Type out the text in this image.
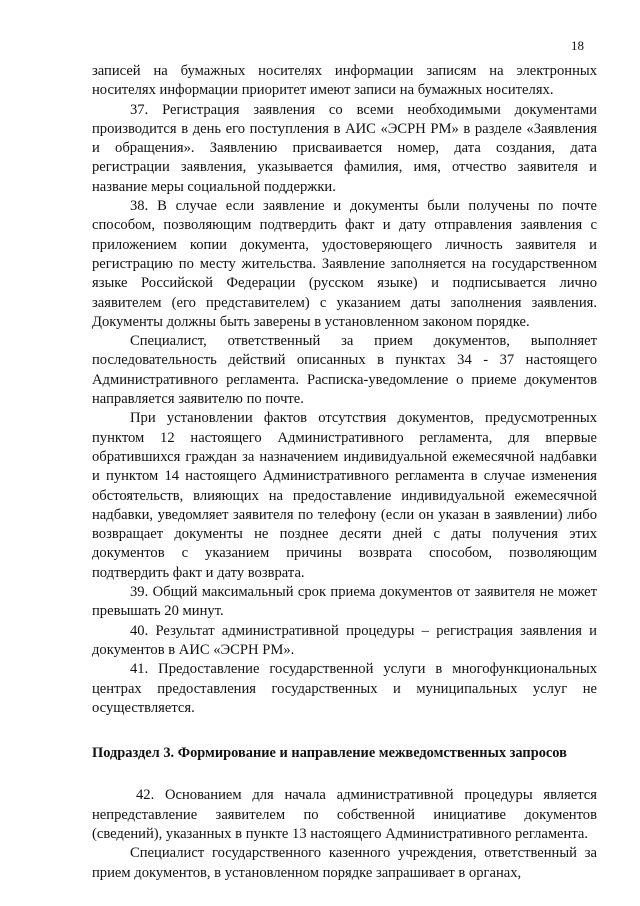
18

записей на бумажных носителях информации записям на электронных носителях информации приоритет имеют записи на бумажных носителях.

37. Регистрация заявления со всеми необходимыми документами производится в день его поступления в АИС «ЭСРН РМ» в разделе «Заявления и обращения». Заявлению присваивается номер, дата создания, дата регистрации заявления, указывается фамилия, имя, отчество заявителя и название меры социальной поддержки.

38. В случае если заявление и документы были получены по почте способом, позволяющим подтвердить факт и дату отправления заявления с приложением копии документа, удостоверяющего личность заявителя и регистрацию по месту жительства. Заявление заполняется на государственном языке Российской Федерации (русском языке) и подписывается лично заявителем (его представителем) с указанием даты заполнения заявления. Документы должны быть заверены в установленном законом порядке.

Специалист, ответственный за прием документов, выполняет последовательность действий описанных в пунктах 34 - 37 настоящего Административного регламента. Расписка-уведомление о приеме документов направляется заявителю по почте.

При установлении фактов отсутствия документов, предусмотренных пунктом 12 настоящего Административного регламента, для впервые обратившихся граждан за назначением индивидуальной ежемесячной надбавки и пунктом 14 настоящего Административного регламента в случае изменения обстоятельств, влияющих на предоставление индивидуальной ежемесячной надбавки, уведомляет заявителя по телефону (если он указан в заявлении) либо возвращает документы не позднее десяти дней с даты получения этих документов с указанием причины возврата способом, позволяющим подтвердить факт и дату возврата.

39. Общий максимальный срок приема документов от заявителя не может превышать 20 минут.

40. Результат административной процедуры – регистрация заявления и документов в АИС «ЭСРН РМ».

41. Предоставление государственной услуги в многофункциональных центрах предоставления государственных и муниципальных услуг не осуществляется.

Подраздел 3. Формирование и направление межведомственных запросов

42. Основанием для начала административной процедуры является непредставление заявителем по собственной инициативе документов (сведений), указанных в пункте 13 настоящего Административного регламента.

Специалист государственного казенного учреждения, ответственный за прием документов, в установленном порядке запрашивает в органах,
